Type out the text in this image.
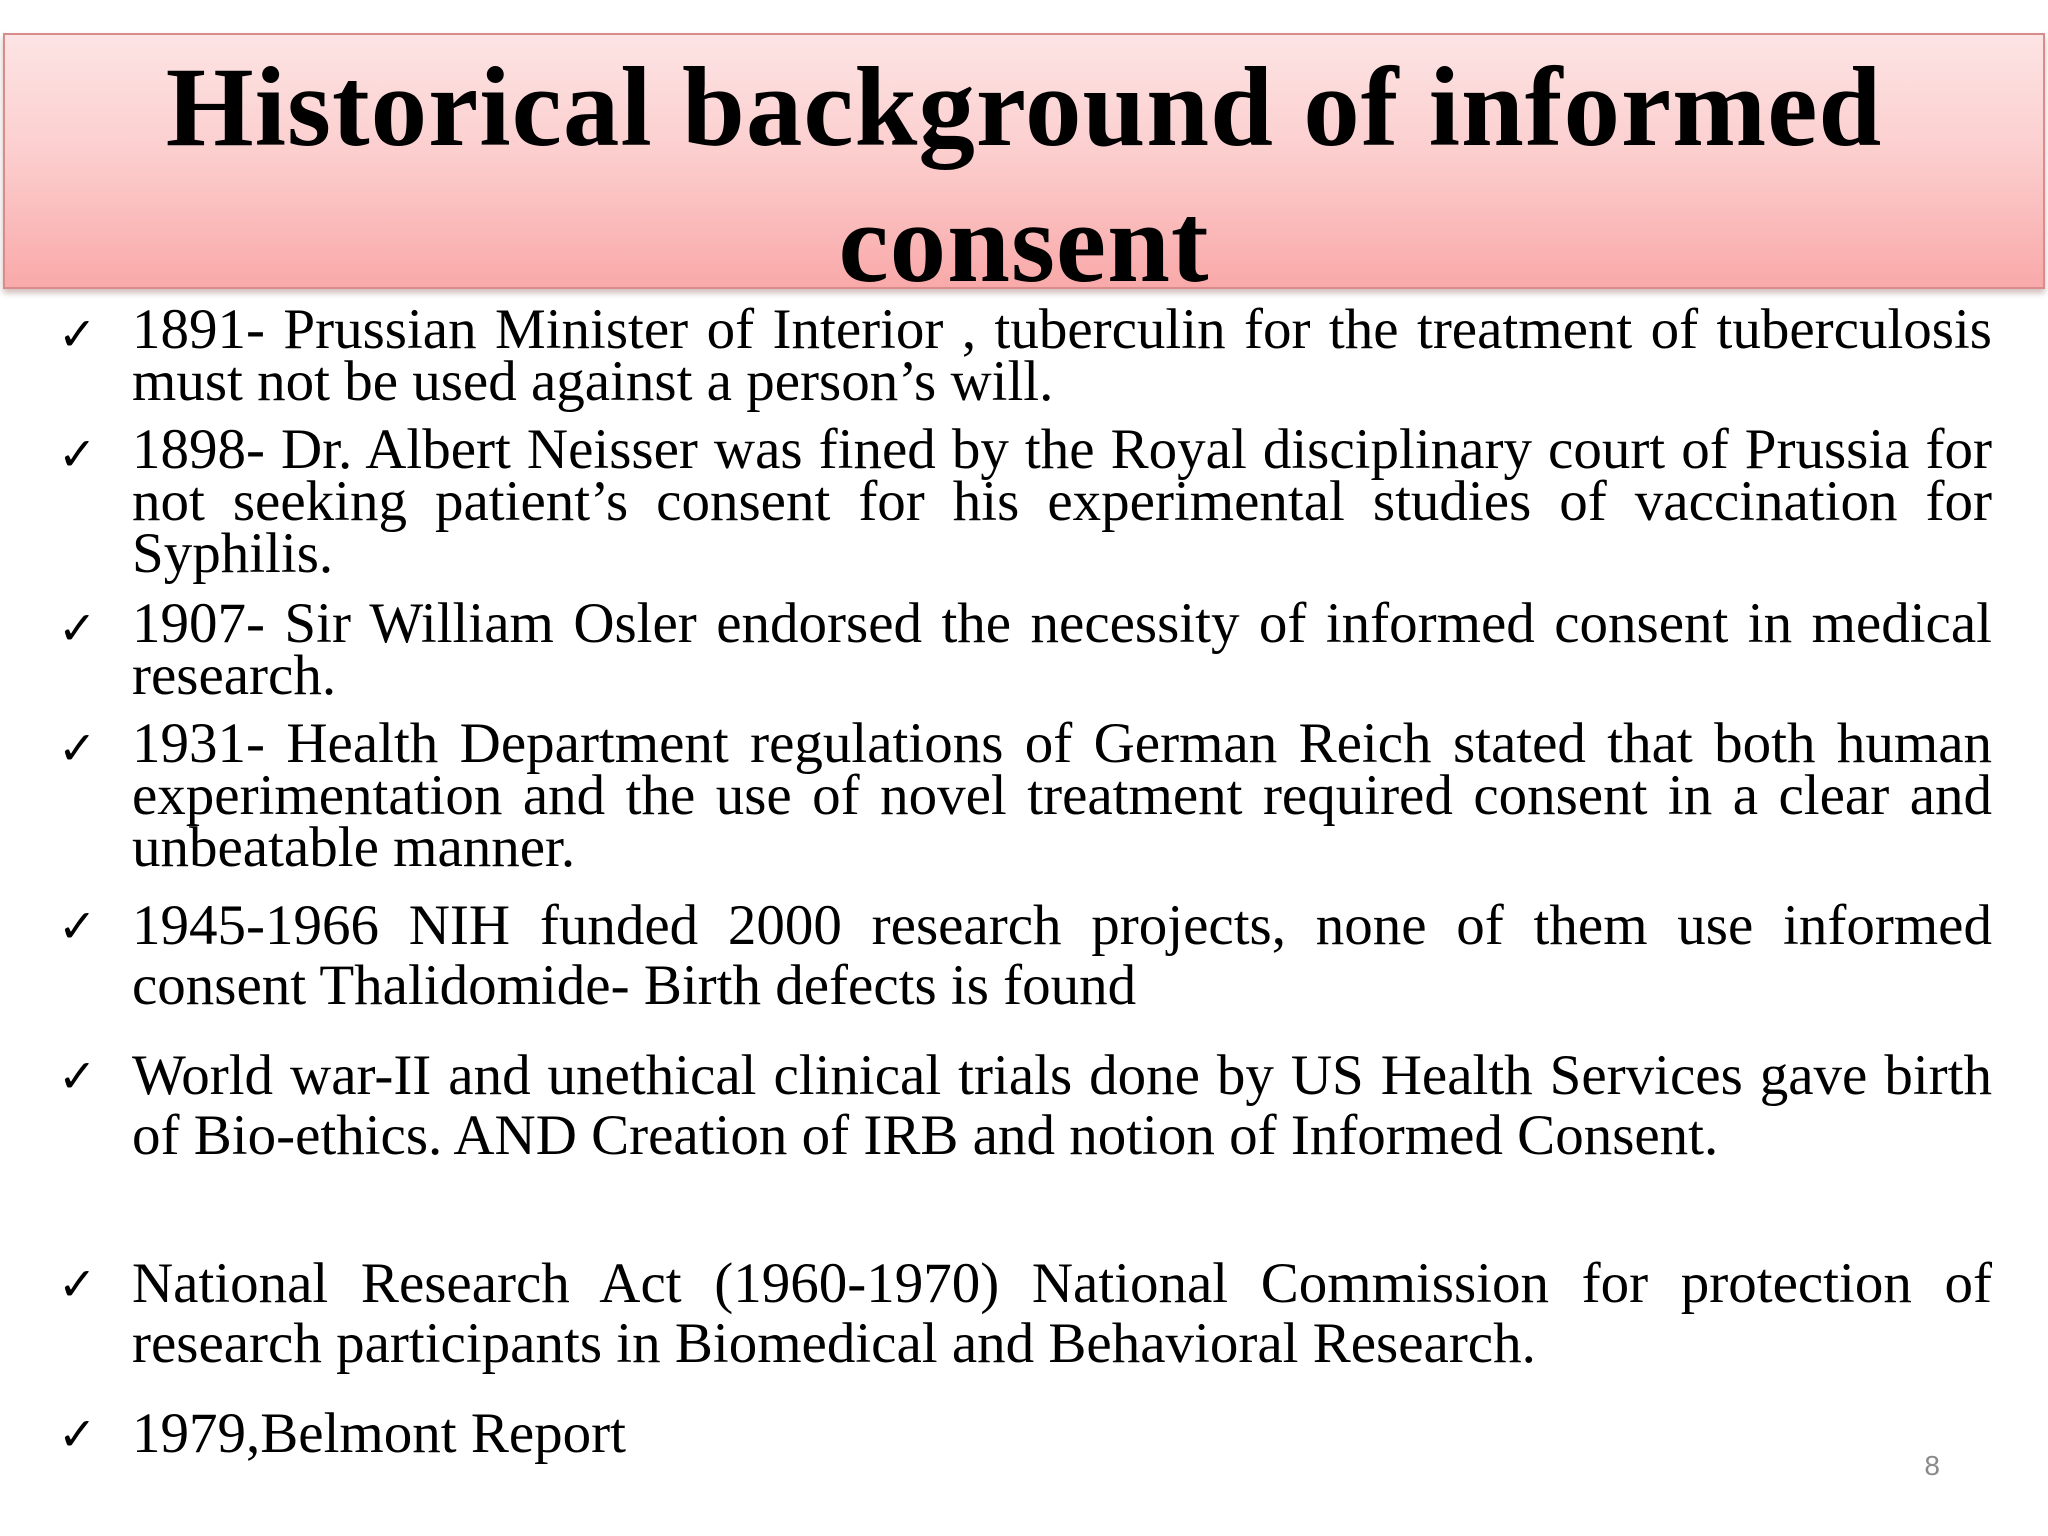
Historical background of informed consent
✓ 1891- Prussian Minister of Interior , tuberculin for the treatment of tuberculosis must not be used against a person’s will.

✓ 1898- Dr. Albert Neisser was fined by the Royal disciplinary court of Prussia for not seeking patient’s consent for his experimental studies of vaccination for Syphilis.

✓ 1907- Sir William Osler endorsed the necessity of informed consent in medical research.

✓ 1931- Health Department regulations of German Reich stated that both human experimentation and the use of novel treatment required consent in a clear and unbeatable manner.

✓ 1945-1966 NIH funded 2000 research projects, none of them use informed consent Thalidomide- Birth defects is found

✓ World war-II and unethical clinical trials done by US Health Services gave birth of Bio-ethics. AND Creation of IRB and notion of Informed Consent.

✓ National Research Act (1960-1970) National Commission for protection of research participants in Biomedical and Behavioral Research.

✓ 1979,Belmont Report

8
